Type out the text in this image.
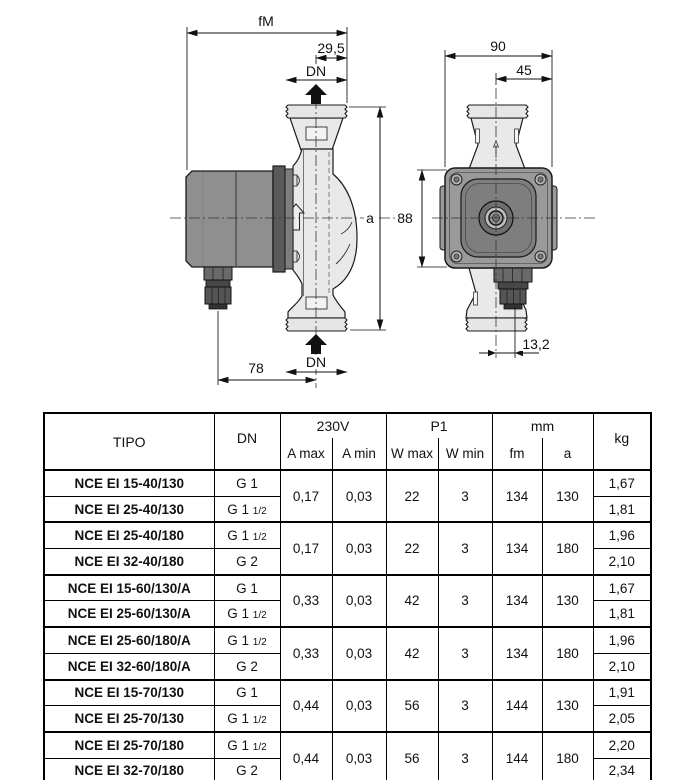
fM
29,5
DN
a
78	DN
90
45
88
13,2
TIPO	DN	230V		P1		mm		kg
		A max	A min	W max	W min	fm	a	
NCE EI 15-40/130	G 1	0,17	0,03	22	3	134	130	1,67
NCE EI 25-40/130	G 1 1/2							1,81
NCE EI 25-40/180	G 1 1/2	0,17	0,03	22	3	134	180	1,96
NCE EI 32-40/180	G 2							2,10
NCE EI 15-60/130/A	G 1	0,33	0,03	42	3	134	130	1,67
NCE EI 25-60/130/A	G 1 1/2							1,81
NCE EI 25-60/180/A	G 1 1/2	0,33	0,03	42	3	134	180	1,96
NCE EI 32-60/180/A	G 2							2,10
NCE EI 15-70/130	G 1	0,44	0,03	56	3	144	130	1,91
NCE EI 25-70/130	G 1 1/2							2,05
NCE EI 25-70/180	G 1 1/2	0,44	0,03	56	3	144	180	2,20
NCE EI 32-70/180	G 2							2,34
